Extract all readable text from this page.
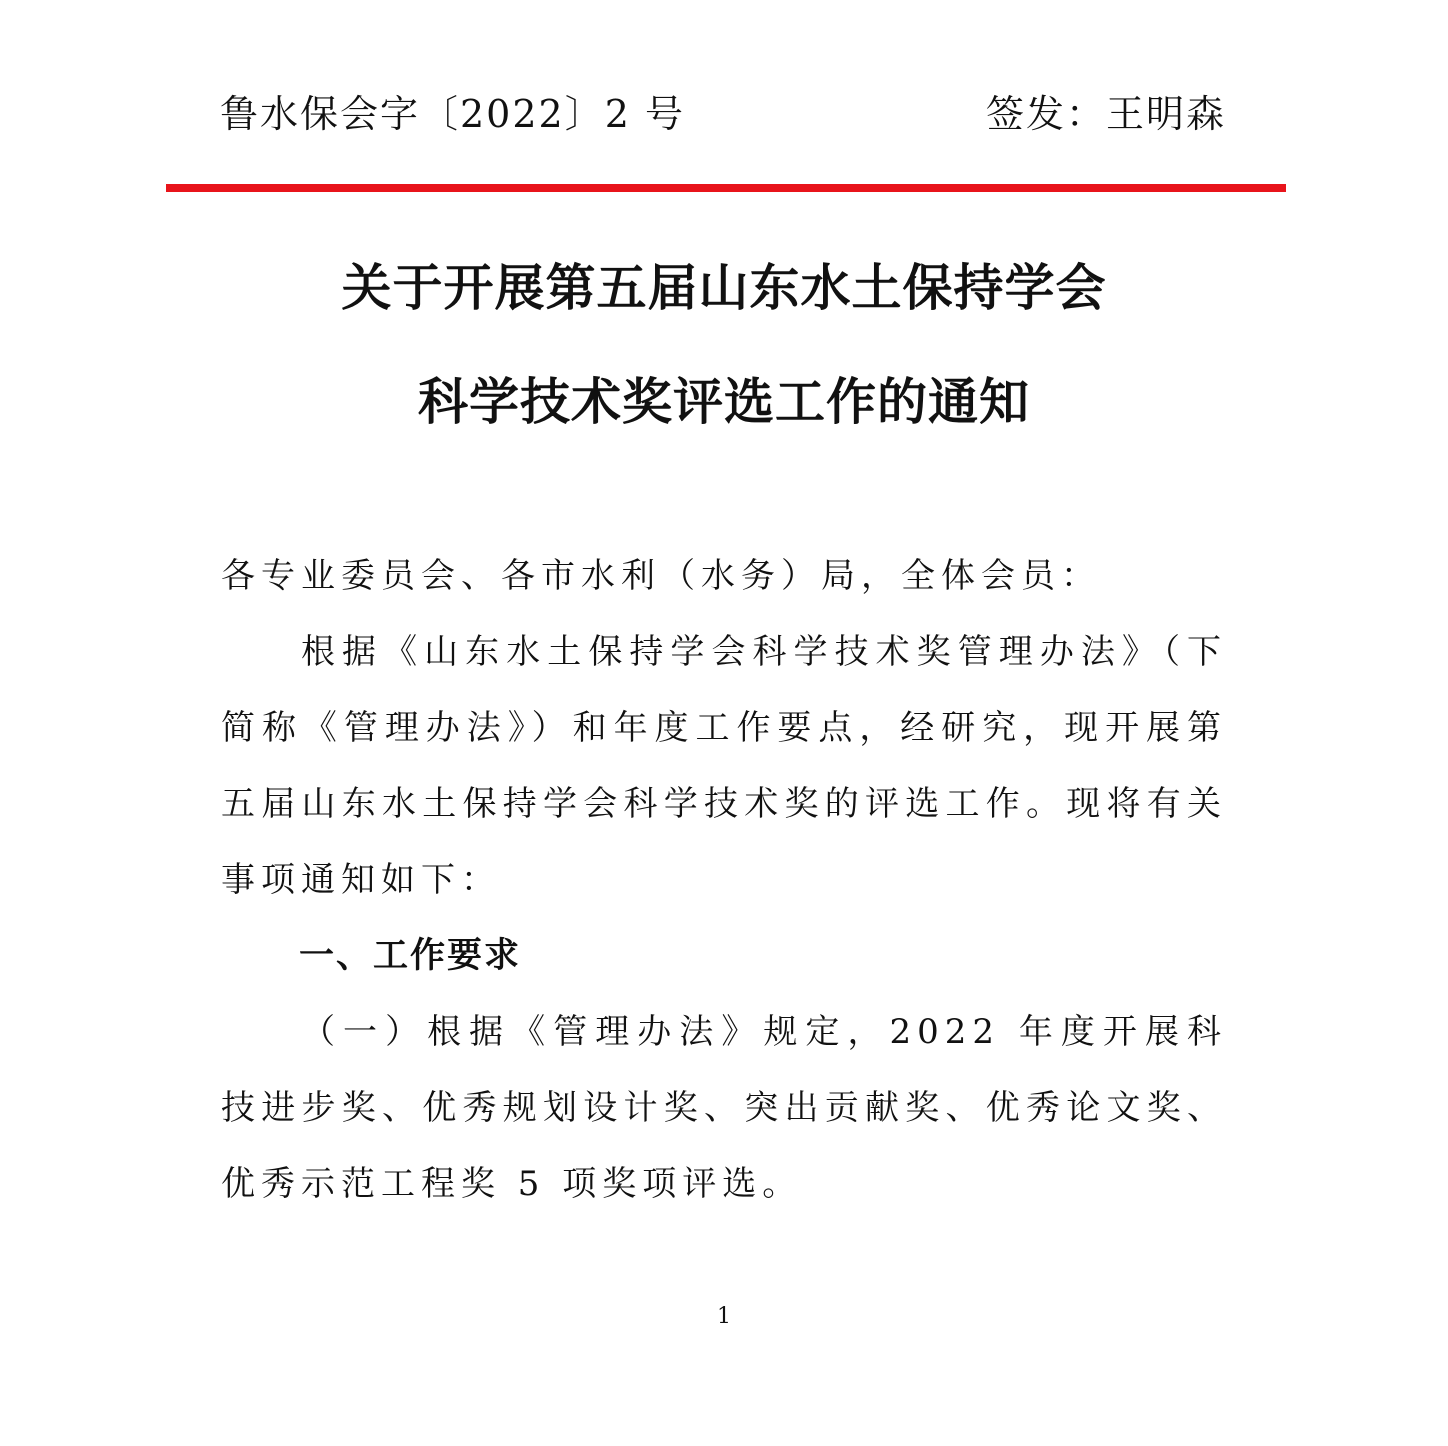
鲁水保会字〔2022〕2 号	签发：王明森
关于开展第五届山东水土保持学会
科学技术奖评选工作的通知

各专业委员会、各市水利（水务）局，全体会员：

根据《山东水土保持学会科学技术奖管理办法》（下简称《管理办法》）和年度工作要点，经研究，现开展第五届山东水土保持学会科学技术奖的评选工作。现将有关事项通知如下：

一、工作要求

（一）根据《管理办法》规定，2022 年度开展科技进步奖、优秀规划设计奖、突出贡献奖、优秀论文奖、优秀示范工程奖 5 项奖项评选。

1
